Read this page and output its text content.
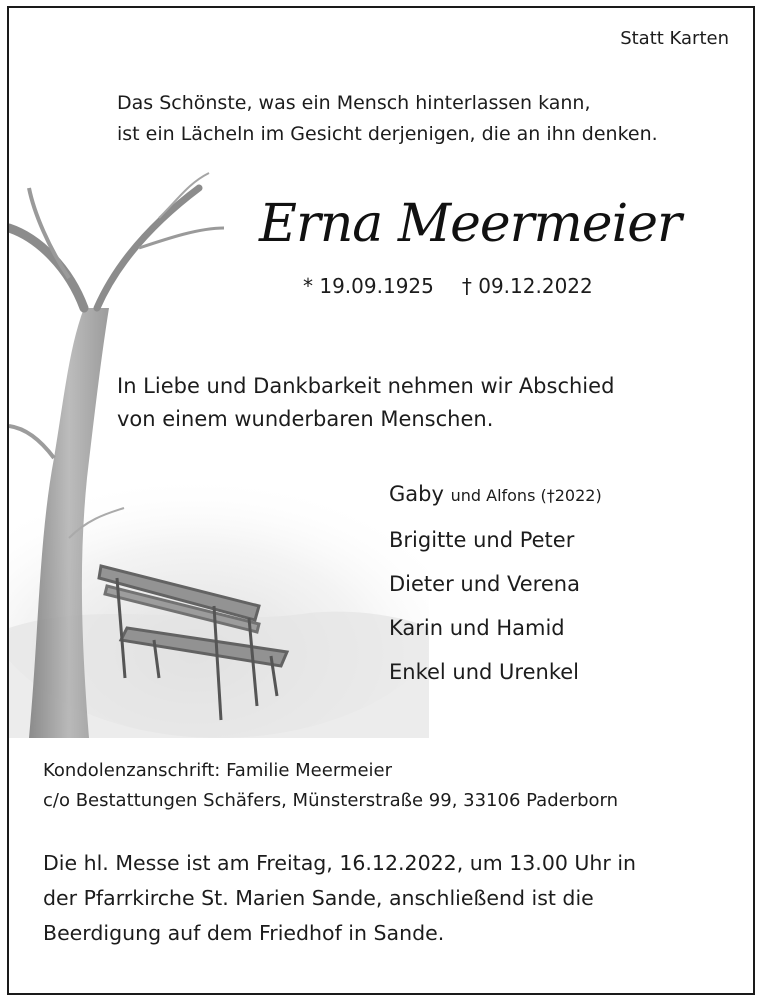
Statt Karten
Das Schönste, was ein Mensch hinterlassen kann,
ist ein Lächeln im Gesicht derjenigen, die an ihn denken.
Erna Meermeier
* 19.09.1925 † 09.12.2022
In Liebe und Dankbarkeit nehmen wir Abschied
von einem wunderbaren Menschen.
Gaby und Alfons (†2022)
Brigitte und Peter
Dieter und Verena
Karin und Hamid
Enkel und Urenkel
Kondolenzanschrift: Familie Meermeier
c/o Bestattungen Schäfers, Münsterstraße 99, 33106 Paderborn
Die hl. Messe ist am Freitag, 16.12.2022, um 13.00 Uhr in
der Pfarrkirche St. Marien Sande, anschließend ist die
Beerdigung auf dem Friedhof in Sande.
